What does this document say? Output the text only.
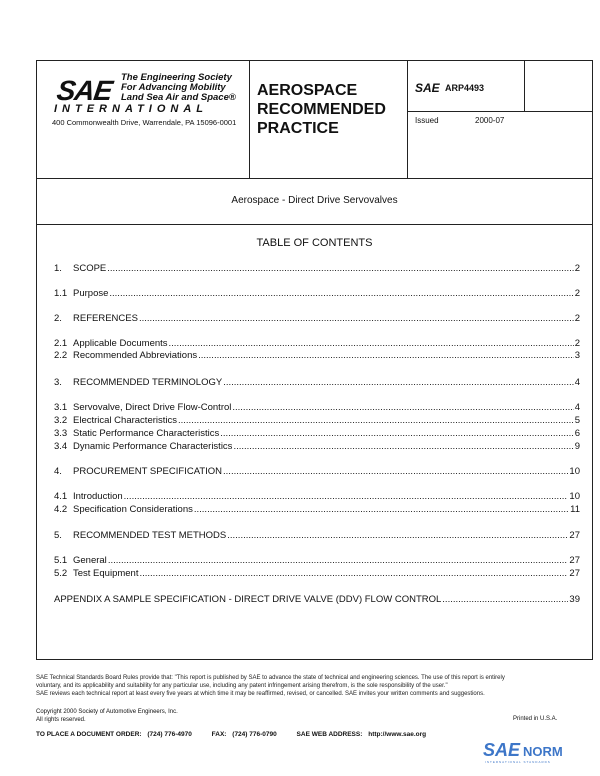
SAE The Engineering Society
For Advancing Mobility
Land Sea Air and Space®
INTERNATIONAL
400 Commonwealth Drive, Warrendale, PA 15096-0001
AEROSPACE
RECOMMENDED
PRACTICE
SAE ARP4493
Issued	2000-07
Aerospace - Direct Drive Servovalves
TABLE OF CONTENTS
1.	SCOPE .....	2
1.1 Purpose .....	2
2.	REFERENCES .....	2
2.1 Applicable Documents .....	2
2.2 Recommended Abbreviations .....	3
3.	RECOMMENDED TERMINOLOGY .....	4
3.1 Servovalve, Direct Drive Flow-Control .....	4
3.2 Electrical Characteristics .....	5
3.3 Static Performance Characteristics .....	6
3.4 Dynamic Performance Characteristics .....	9
4.	PROCUREMENT SPECIFICATION .....	10
4.1 Introduction .....	10
4.2 Specification Considerations .....	11
5.	RECOMMENDED TEST METHODS .....	27
5.1 General .....	27
5.2 Test Equipment .....	27
APPENDIX A SAMPLE SPECIFICATION - DIRECT DRIVE VALVE (DDV) FLOW CONTROL .....	39
SAE Technical Standards Board Rules provide that: "This report is published by SAE to advance the state of technical and engineering sciences. The use of this report is entirely
voluntary, and its applicability and suitability for any particular use, including any patent infringement arising therefrom, is the sole responsibility of the user."
SAE reviews each technical report at least every five years at which time it may be reaffirmed, revised, or cancelled. SAE invites your written comments and suggestions.
Copyright 2000 Society of Automotive Engineers, Inc.
All rights reserved.	Printed in U.S.A.
TO PLACE A DOCUMENT ORDER: (724) 776-4970	FAX: (724) 776-0790	SAE WEB ADDRESS: http://www.sae.org
SAE NORM
INTERNATIONAL STANDARDS
